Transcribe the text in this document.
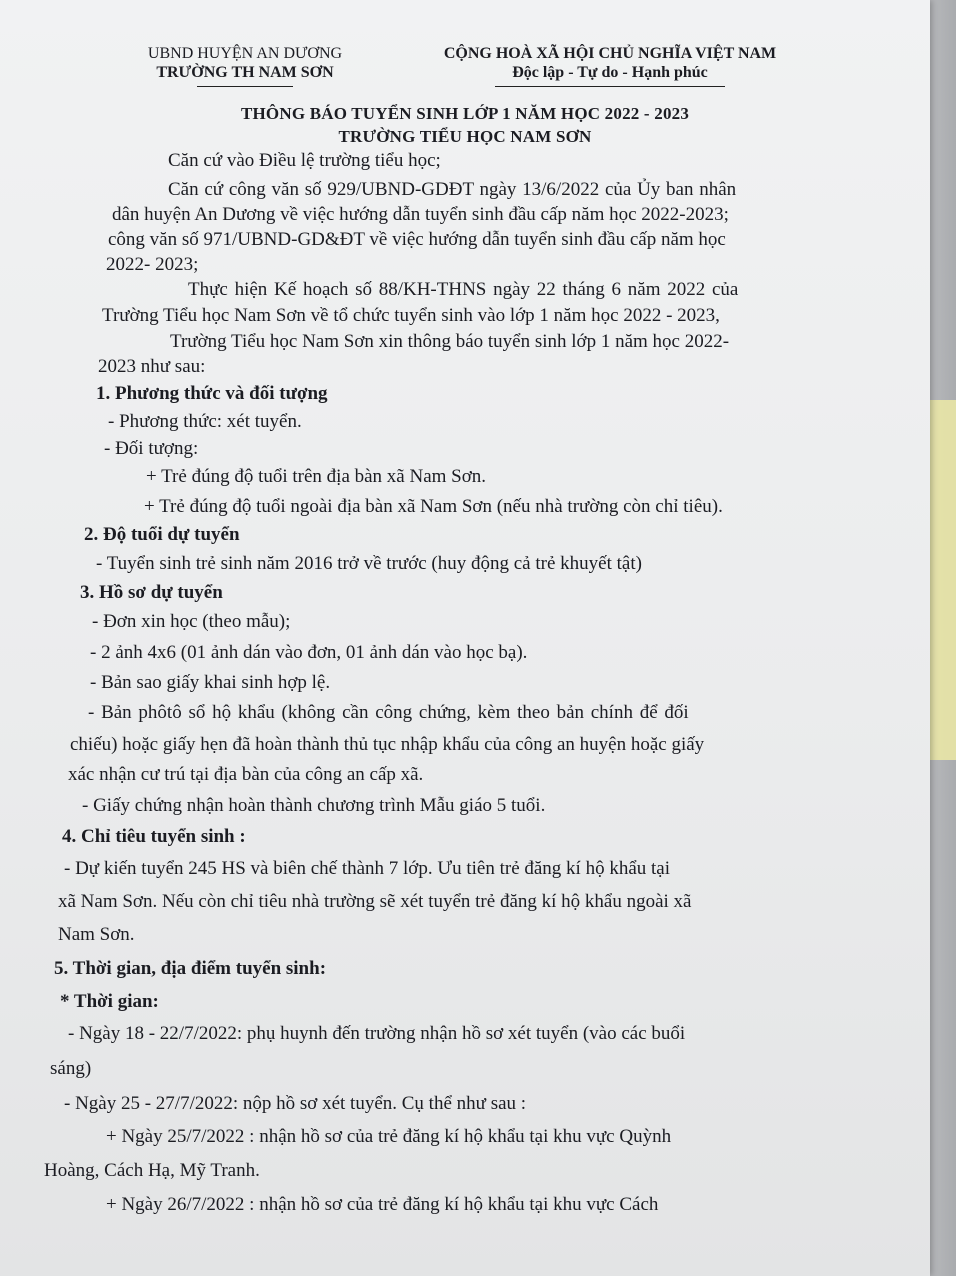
UBND HUYỆN AN DƯƠNG
TRƯỜNG TH NAM SƠN
CỘNG HOÀ XÃ HỘI CHỦ NGHĨA VIỆT NAM
Độc lập - Tự do - Hạnh phúc
THÔNG BÁO TUYỂN SINH LỚP 1 NĂM HỌC 2022 - 2023
TRƯỜNG TIỂU HỌC NAM SƠN
Căn cứ vào Điều lệ trường tiểu học;
Căn cứ công văn số 929/UBND-GDĐT ngày 13/6/2022 của Ủy ban nhân
dân huyện An Dương về việc hướng dẫn tuyển sinh đầu cấp năm học 2022-2023;
công văn số 971/UBND-GD&ĐT về việc hướng dẫn tuyển sinh đầu cấp năm học
2022- 2023;
Thực hiện Kế hoạch số 88/KH-THNS ngày 22 tháng 6 năm 2022 của
Trường Tiểu học Nam Sơn về tổ chức tuyển sinh vào lớp 1 năm học 2022 - 2023,
Trường Tiểu học Nam Sơn xin thông báo tuyển sinh lớp 1 năm học 2022-
2023 như sau:
1. Phương thức và đối tượng
- Phương thức: xét tuyển.
- Đối tượng:
+ Trẻ đúng độ tuổi trên địa bàn xã Nam Sơn.
+ Trẻ đúng độ tuổi ngoài địa bàn xã Nam Sơn (nếu nhà trường còn chỉ tiêu).
2. Độ tuổi dự tuyển
- Tuyển sinh trẻ sinh năm 2016 trở về trước (huy động cả trẻ khuyết tật)
3. Hồ sơ dự tuyển
- Đơn xin học (theo mẫu);
- 2 ảnh 4x6 (01 ảnh dán vào đơn, 01 ảnh dán vào học bạ).
- Bản sao giấy khai sinh hợp lệ.
- Bản phôtô sổ hộ khẩu (không cần công chứng, kèm theo bản chính để đối
chiếu) hoặc giấy hẹn đã hoàn thành thủ tục nhập khẩu của công an huyện hoặc giấy
xác nhận cư trú tại địa bàn của công an cấp xã.
- Giấy chứng nhận hoàn thành chương trình Mẫu giáo 5 tuổi.
4. Chỉ tiêu tuyển sinh :
- Dự kiến tuyển 245 HS và biên chế thành 7 lớp. Ưu tiên trẻ đăng kí hộ khẩu tại
xã Nam Sơn. Nếu còn chỉ tiêu nhà trường sẽ xét tuyển trẻ đăng kí hộ khẩu ngoài xã
Nam Sơn.
5. Thời gian, địa điểm tuyển sinh:
* Thời gian:
- Ngày 18 - 22/7/2022: phụ huynh đến trường nhận hồ sơ xét tuyển (vào các buổi
sáng)
- Ngày 25 - 27/7/2022: nộp hồ sơ xét tuyển. Cụ thể như sau :
+ Ngày 25/7/2022 : nhận hồ sơ của trẻ đăng kí hộ khẩu tại khu vực Quỳnh
Hoàng, Cách Hạ, Mỹ Tranh.
+ Ngày 26/7/2022 : nhận hồ sơ của trẻ đăng kí hộ khẩu tại khu vực Cách
